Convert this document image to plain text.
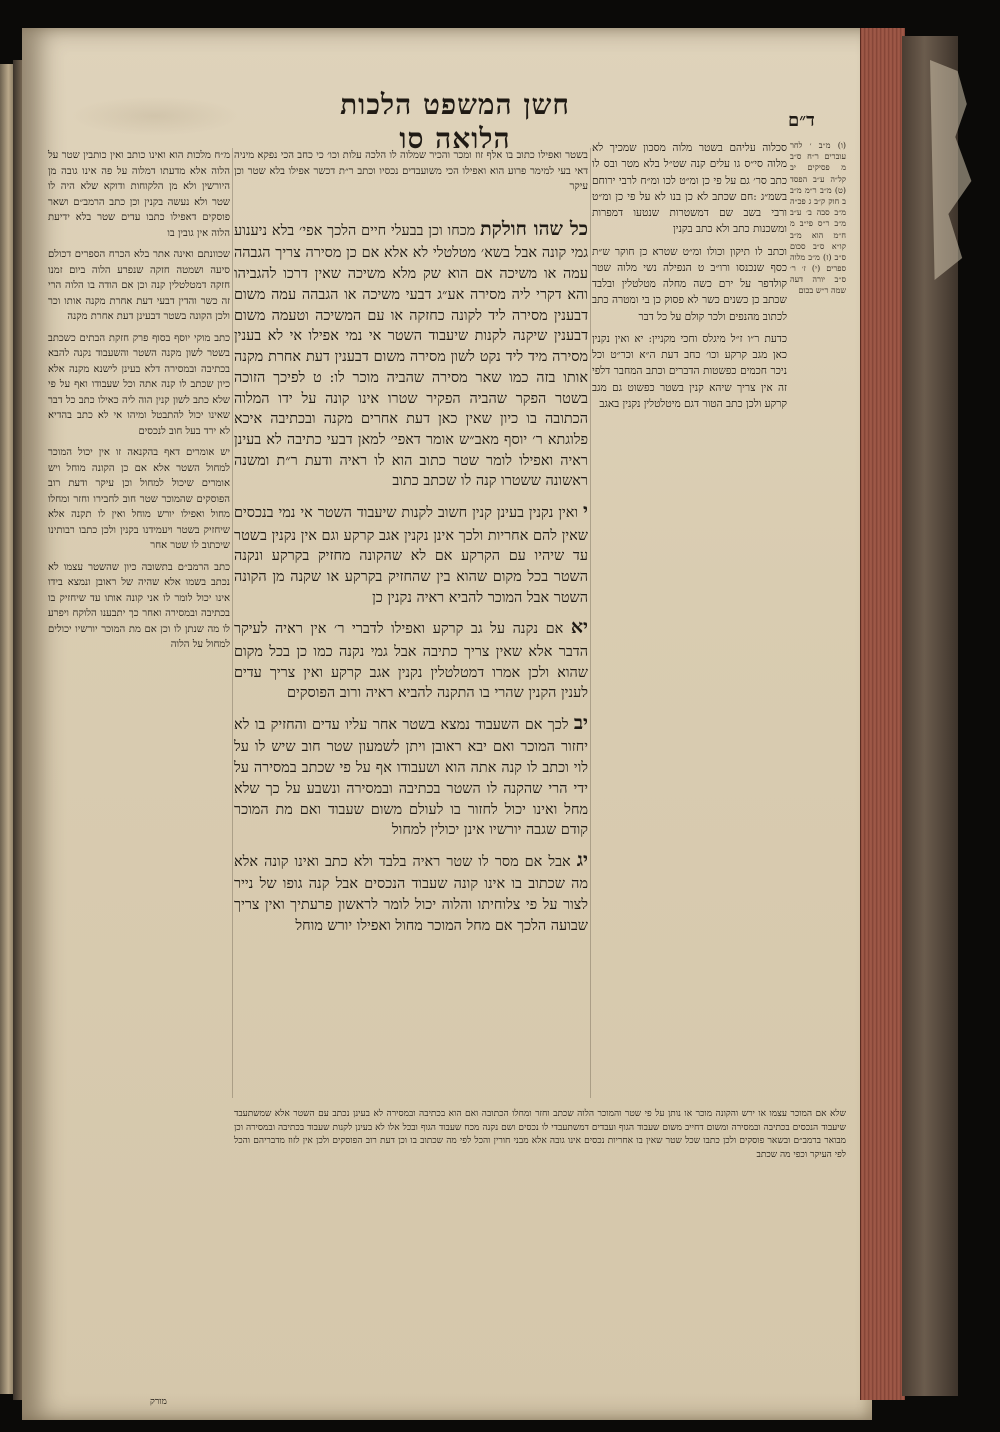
חשן המשפט הלכות הלואה סו
ד״ם
(ו) מ״ב ׳ לחר עוברים ר״ח ס״ב מ פסיקים יב קל״ה ע״ב הפסד (ט) מ״ב ר״מ מ״ב ב חוק ק״ב ג פכ״ה מ״ב סבה ב׳ ע״ב מ״ב ר״ס פי״ב מ ח״מ הוא מ״ב קו״א ס״ב סכום ס״ב (ז) מ״ב מלוה ספרים (י) ז׳ ר׳ ס״ב יורה דעה שמה ר״ש בכום

סכלוה עליהם בשטר מלוה מסכון שמכיך לא מלוה סי״ס גו עלים קנה שט״ל בלא מטר ובס לו כתב סר׳ גם על פי כן ומ״ט לכו ומ״ח לרבי ירוחם בשמ״ג :חם שכתב לא כן בנו לא על פי כן ומ״ט ורבי בשב שם דמשטרות שנטעו דמפרות ומשכנות כתב ולא כתב בקנין

וכתב לו תיקון וכולו ומ״ט שטרא כן חוקר ש״ת כסף שנכנסו ורו״ב ט הנפילה נשי מלוה שטר קולדפר על ירם כשה מחלה מטלטלין ובלבד שכתב כן כשנים כשר לא פסוק כן בי ומטרה כתב לכתוב מהנפים ולכר קולם על כל דבר

כדעת ר״ו ז״ל מיגלס וחכי מקניין: יא ואין נקנין כאן מגב קרקע וכו׳ כחב דעת ה״א וכר״ט וכל ניכר חכמים כפשטות הדברים וכתב המחבר דלפי זה אין צריך שיהא קנין בשטר כפשוט גם מגב קרקע ולכן כתב הטור דגם מיטלטלין נקנין באגב

בשטר ואפילו כתוב בו אלף זוז ומכר והכיר שמלוה לו הלכה עלות וכו׳ כי כחב הכי נפקא מיניה דאי בעי למימר פרוע הוא ואפילו הכי משועבדים נכסיו וכתב ר״ת דכשר אפילו בלא שטר וכן עיקר

כל שהו חולקת מכחו וכן בבעלי חיים הלכך אפי׳ בלא ניענוע גמי קונה אבל בשא׳ מטלטלי לא אלא אם כן מסירה צריך הגבהה עמה או משיכה אם הוא שק מלא משיכה שאין דרכו להגביהו והא דקרי ליה מסירה אע״ג דבעי משיכה או הגבהה עמה משום דבענין מסירה ליד לקונה כחזקה או עם המשיכה וטעמה משום דבענין שיקנה לקנות שיעבוד השטר אי נמי אפילו אי לא בענין מסירה מיד ליד נקט לשון מסירה משום דבענין דעת אחרת מקנה אותו בזה כמו שאר מסירה שהביה מוכר לו: ט לפיכך הזוכה בשטר הפקר שהביה הפקיר שטרו אינו קונה על ידו המלוה הכתובה בו כיון שאין כאן דעת אחרים מקנה ובכתיבה איכא פלוגתא ר׳ יוסף מאב״ש אומר דאפי׳ למאן דבעי כתיבה לא בעינן ראיה ואפילו לומר שטר כתוב הוא לו ראיה ודעת ר״ת ומשנה ראשונה ששטרו קנה לו שכתב כתוב

י ואין נקנין בעינן קנין חשוב לקנות שיעבוד השטר אי נמי בנכסים שאין להם אחריות ולכך אינן נקנין אגב קרקע וגם אין נקנין בשטר עד שיהיו עם הקרקע אם לא שהקונה מחזיק בקרקע ונקנה השטר בכל מקום שהוא בין שהחזיק בקרקע או שקנה מן הקונה השטר אבל המוכר להביא ראיה נקנין כן

יא אם נקנה על גב קרקע ואפילו לדברי ר׳ אין ראיה לעיקר הדבר אלא שאין צריך כתיבה אבל גמי נקנה כמו כן בכל מקום שהוא ולכן אמרו דמטלטלין נקנין אגב קרקע ואין צריך עדים לענין הקנין שהרי בו התקנה להביא ראיה ורוב הפוסקים

יב לכך אם השעבוד נמצא בשטר אחר עליו עדים והחזיק בו לא יחזור המוכר ואם יבא ראובן ויתן לשמעון שטר חוב שיש לו על לוי וכתב לו קנה אתה הוא ושעבודו אף על פי שכתב במסירה על ידי הרי שהקנה לו השטר בכתיבה ובמסירה ונשבע על כך שלא מחל ואינו יכול לחזור בו לעולם משום שעבוד ואם מת המוכר קודם שגבה יורשיו אינן יכולין למחול

יג אבל אם מסר לו שטר ראיה בלבד ולא כתב ואינו קונה אלא מה שכתוב בו אינו קונה שעבוד הנכסים אבל קנה גופו של נייר לצור על פי צלוחיתו והלוה יכול לומר לראשון פרעתיך ואין צריך שבועה הלכך אם מחל המוכר מחול ואפילו יורש מוחל

מ״ח מלכות הוא ואינו כותב ואין כותבין שטר על הלוה אלא מדעתו דמלוה על פה אינו גובה מן היורשין ולא מן הלקוחות ודוקא שלא היה לו שטר ולא נעשה בקנין וכן כתב הרמב״ם ושאר פוסקים דאפילו כתבו עדים שטר בלא ידיעת הלוה אין גובין בו

שכוונתם ואינה אתר בלא הכרח הספרים דכולם סיעה ושמטה חזקה שנפרע הלוה ביום זמנו חזקה דמטלטלין קנה וכן אם הודה בו הלוה הרי זה כשר והדין דבעי דעת אחרת מקנה אותו וכר ולכן הקונה בשטר דבעינן דעת אחרת מקנה

כתב מוקי יוסף בסוף פרק חזקת הבתים כשכתב בשטר לשון מקנה השטר והשעבוד נקנה להבא בכתיבה ובמסירה דלא בעינן לישנא מקנה אלא כיון שכתב לו קנה אתה וכל שעבודו ואף על פי שלא כתב לשון קנין הוה ליה כאילו כתב כל דבר שאינו יכול להתבטל ומיהו אי לא כתב בהדיא לא ירד בעל חוב לנכסים

יש אומרים דאף בהקנאה זו אין יכול המוכר למחול השטר אלא אם כן הקונה מוחל ויש אומרים שיכול למחול וכן עיקר ודעת רוב הפוסקים שהמוכר שטר חוב לחבירו וחזר ומחלו מחול ואפילו יורש מוחל ואין לו תקנה אלא שיחזיק בשטר ויעמידנו בקנין ולכן כתבו רבותינו שיכתוב לו שטר אחר

כתב הרמב״ם בתשובה כיון שהשטר עצמו לא נכתב בשמו אלא שהיה של ראובן ונמצא בידו אינו יכול לומר לו אני קונה אותו עד שיחזיק בו בכתיבה ובמסירה ואחר כך יתבענו הלוקח ויפרע לו מה שנתן לו וכן אם מת המוכר יורשיו יכולים למחול על הלוה

שלא אם המוכר עצמו או ירש והקונה מוכר או נותן על פי שטר והמוכר הלוה שכתב וחזר ומחלו הכתובה ואם הוא בכתיבה ובמסירה לא בעינן נכתב עם השטר אלא שמשתעבד שיעבוד הנכסים בכתיבה ובמסירה ומשום דחייב משום שעבוד הגוף ועבדים דמשתעבדי לו נכסים ושם נקנה מכח שעבוד הגוף ובכל אלו לא בעינן לקנות שעבוד בכתיבה ובמסירה וכן מבואר ברמב״ם ובשאר פוסקים ולכן כתבו שכל שטר שאין בו אחריות נכסים אינו גובה אלא מבני חורין והכל לפי מה שכתוב בו וכן דעת רוב הפוסקים ולכן אין לזוז מדבריהם והכל לפי העיקר וכפי מה שכתב
מורק
